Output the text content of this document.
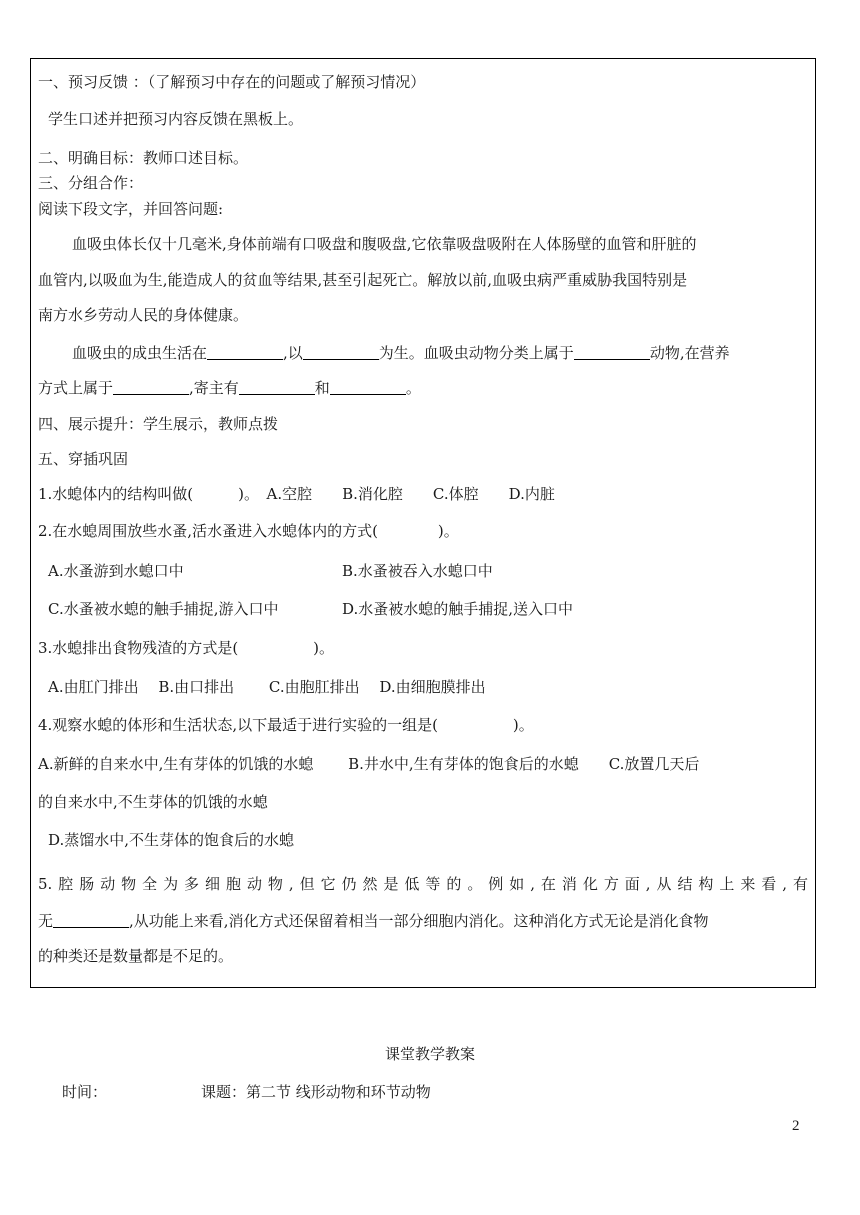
一、预习反馈 ：（了解预习中存在的问题或了解预习情况）
学生口述并把预习内容反馈在黑板上。
二、明确目标：教师口述目标。
三、分组合作：
阅读下段文字，并回答问题:
血吸虫体长仅十几毫米,身体前端有口吸盘和腹吸盘,它依靠吸盘吸附在人体肠壁的血管和肝脏的
血管内,以吸血为生,能造成人的贫血等结果,甚至引起死亡。解放以前,血吸虫病严重威胁我国特别是
南方水乡劳动人民的身体健康。
血吸虫的成虫生活在	,以	为生。血吸虫动物分类上属于	动物,在营养
方式上属于	,寄主有	和	。
四、展示提升：学生展示，教师点拨
五、穿插巩固
1.水螅体内的结构叫做(　　　)。　A.空腔　　B.消化腔　　C.体腔　　D.内脏
2.在水螅周围放些水蚤,活水蚤进入水螅体内的方式(　　　　)。
A.水蚤游到水螅口中	B.水蚤被吞入水螅口中
C.水蚤被水螅的触手捕捉,游入口中	D.水蚤被水螅的触手捕捉,送入口中
3.水螅排出食物残渣的方式是(　　　　　)。
A.由肛门排出　 B.由口排出　　 C.由胞肛排出　 D.由细胞膜排出
4.观察水螅的体形和生活状态,以下最适于进行实验的一组是(　　　　　)。
A.新鲜的自来水中,生有芽体的饥饿的水螅　　 B.井水中,生有芽体的饱食后的水螅　　C.放置几天后
的自来水中,不生芽体的饥饿的水螅
D.蒸馏水中,不生芽体的饱食后的水螅
5.腔肠动物全为多细胞动物,但它仍然是低等的。例如,在消化方面,从结构上来看,有
无	,从功能上来看,消化方式还保留着相当一部分细胞内消化。这种消化方式无论是消化食物
的种类还是数量都是不足的。
课堂教学教案
时间：	课题：第二节 线形动物和环节动物
2
